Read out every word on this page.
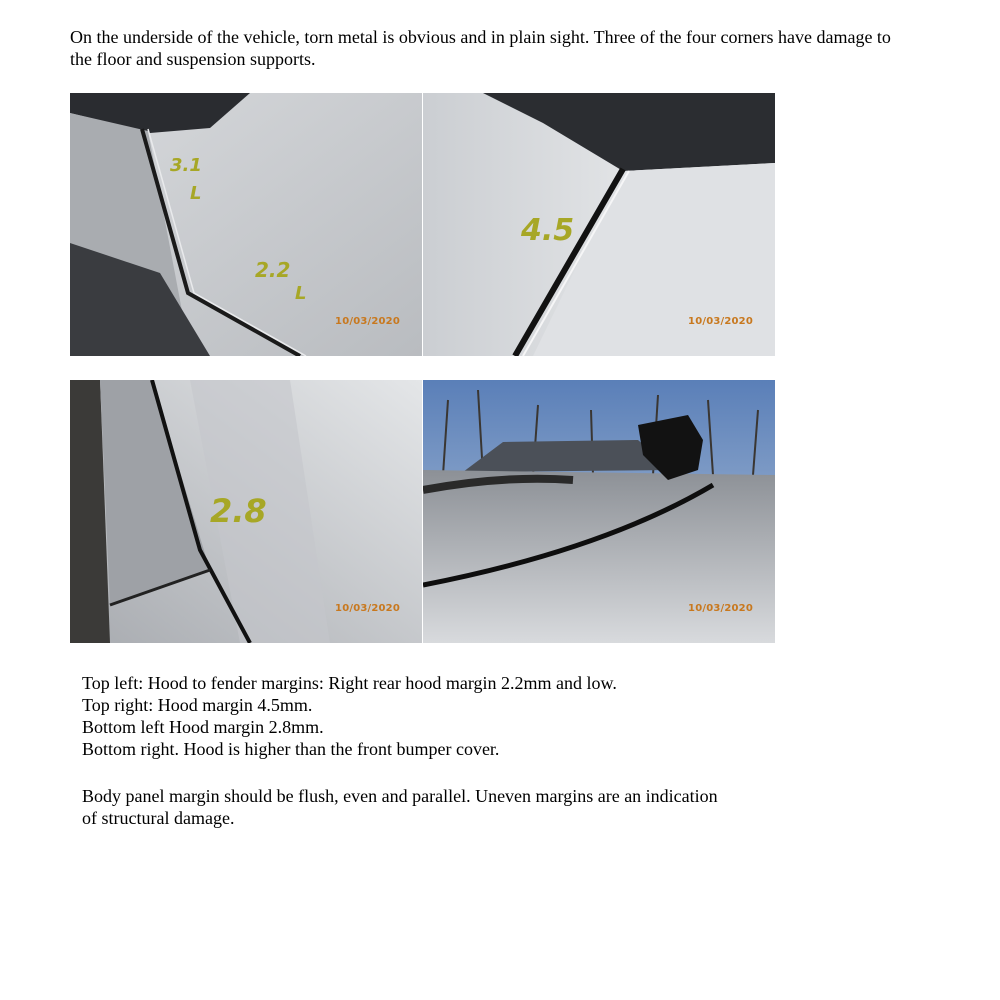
On the underside of the vehicle, torn metal is obvious and in plain sight. Three of the four corners have damage to the floor and suspension supports.

3.1
L
2.2
L
10/03/2020
4.5
10/03/2020
2.8
10/03/2020	10/03/2020

Top left: Hood to fender margins: Right rear hood margin 2.2mm and low.

Top right: Hood margin 4.5mm.

Bottom left Hood margin 2.8mm.

Bottom right. Hood is higher than the front bumper cover.

Body panel margin should be flush, even and parallel. Uneven margins are an indication of structural damage.
